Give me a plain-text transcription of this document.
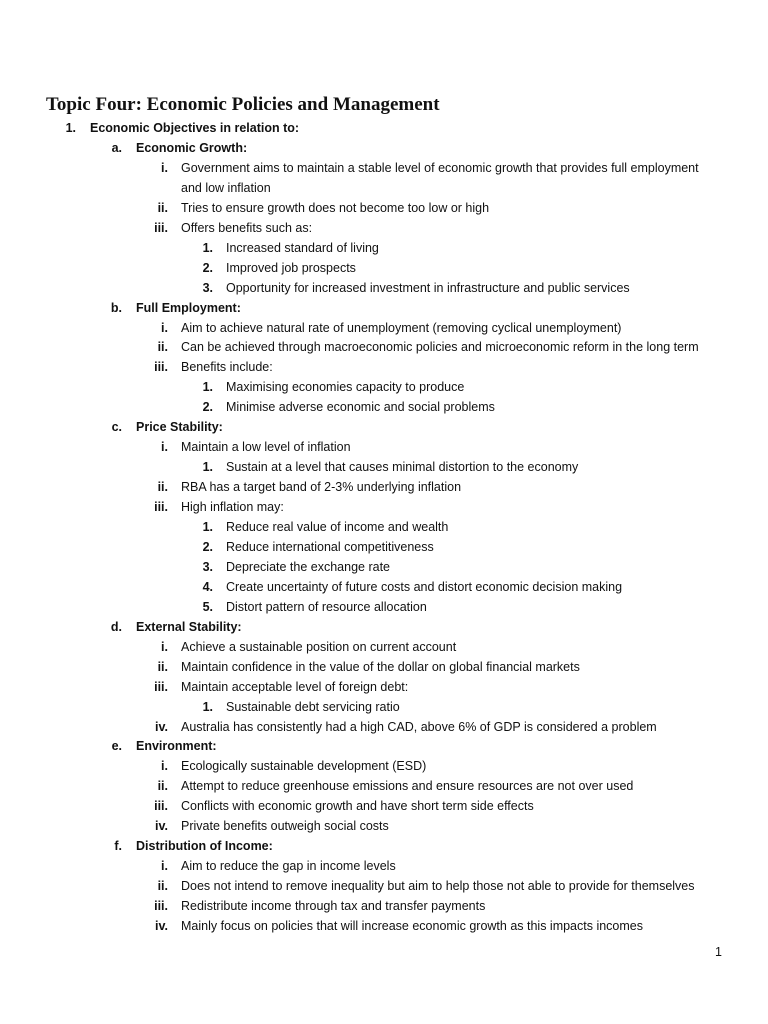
Topic Four: Economic Policies and Management
1. Economic Objectives in relation to:
a. Economic Growth:
i. Government aims to maintain a stable level of economic growth that provides full employment
and low inflation
ii. Tries to ensure growth does not become too low or high
iii. Offers benefits such as:
1. Increased standard of living
2. Improved job prospects
3. Opportunity for increased investment in infrastructure and public services
b. Full Employment:
i. Aim to achieve natural rate of unemployment (removing cyclical unemployment)
ii. Can be achieved through macroeconomic policies and microeconomic reform in the long term
iii. Benefits include:
1. Maximising economies capacity to produce
2. Minimise adverse economic and social problems
c. Price Stability:
i. Maintain a low level of inflation
1. Sustain at a level that causes minimal distortion to the economy
ii. RBA has a target band of 2-3% underlying inflation
iii. High inflation may:
1. Reduce real value of income and wealth
2. Reduce international competitiveness
3. Depreciate the exchange rate
4. Create uncertainty of future costs and distort economic decision making
5. Distort pattern of resource allocation
d. External Stability:
i. Achieve a sustainable position on current account
ii. Maintain confidence in the value of the dollar on global financial markets
iii. Maintain acceptable level of foreign debt:
1. Sustainable debt servicing ratio
iv. Australia has consistently had a high CAD, above 6% of GDP is considered a problem
e. Environment:
i. Ecologically sustainable development (ESD)
ii. Attempt to reduce greenhouse emissions and ensure resources are not over used
iii. Conflicts with economic growth and have short term side effects
iv. Private benefits outweigh social costs
f. Distribution of Income:
i. Aim to reduce the gap in income levels
ii. Does not intend to remove inequality but aim to help those not able to provide for themselves
iii. Redistribute income through tax and transfer payments
iv. Mainly focus on policies that will increase economic growth as this impacts incomes
1
